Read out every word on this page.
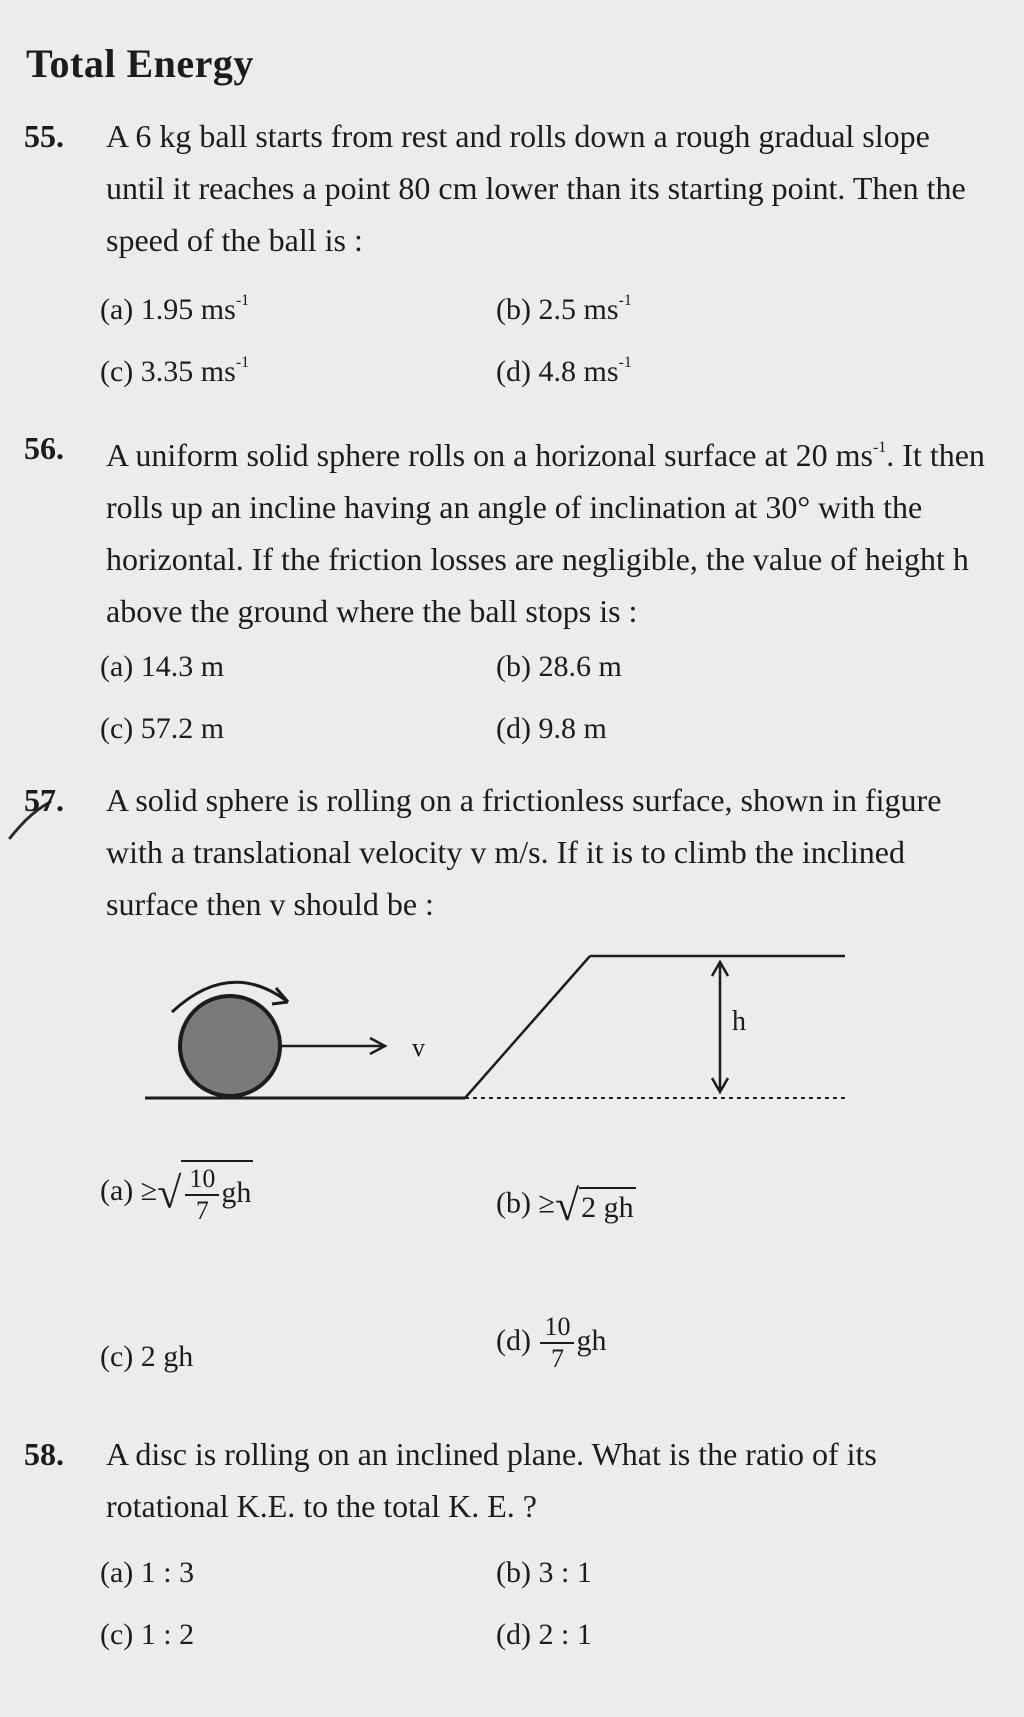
Total Energy
55. A 6 kg ball starts from rest and rolls down a rough gradual slope until it reaches a point 80 cm lower than its starting point. Then the speed of the ball is :
(a) 1.95 $ms^{-1}$	(b) 2.5 $ms^{-1}$
(c) 3.35 $ms^{-1}$	(d) 4.8 $ms^{-1}$
56. A uniform solid sphere rolls on a horizonal surface at 20 $ms^{-1}$. It then rolls up an incline having an angle of inclination at 30° with the horizontal. If the friction losses are negligible, the value of height h above the ground where the ball stops is :
(a) 14.3 m	(b) 28.6 m
(c) 57.2 m	(d) 9.8 m
57. A solid sphere is rolling on a frictionless surface, shown in figure with a translational velocity v m/s. If it is to climb the inclined surface then v should be :
v
h
(a) ≥√ $\frac{10}{7}$ gh	(b) ≥√2 gh
(c) 2 gh	$(d) \frac{10}{7}$ gh
58. A disc is rolling on an inclined plane. What is the ratio of its rotational K.E. to the total K. E. ?
(a) 1 : 3	(b) 3 : 1
(c) 1 : 2	(d) 2 : 1
